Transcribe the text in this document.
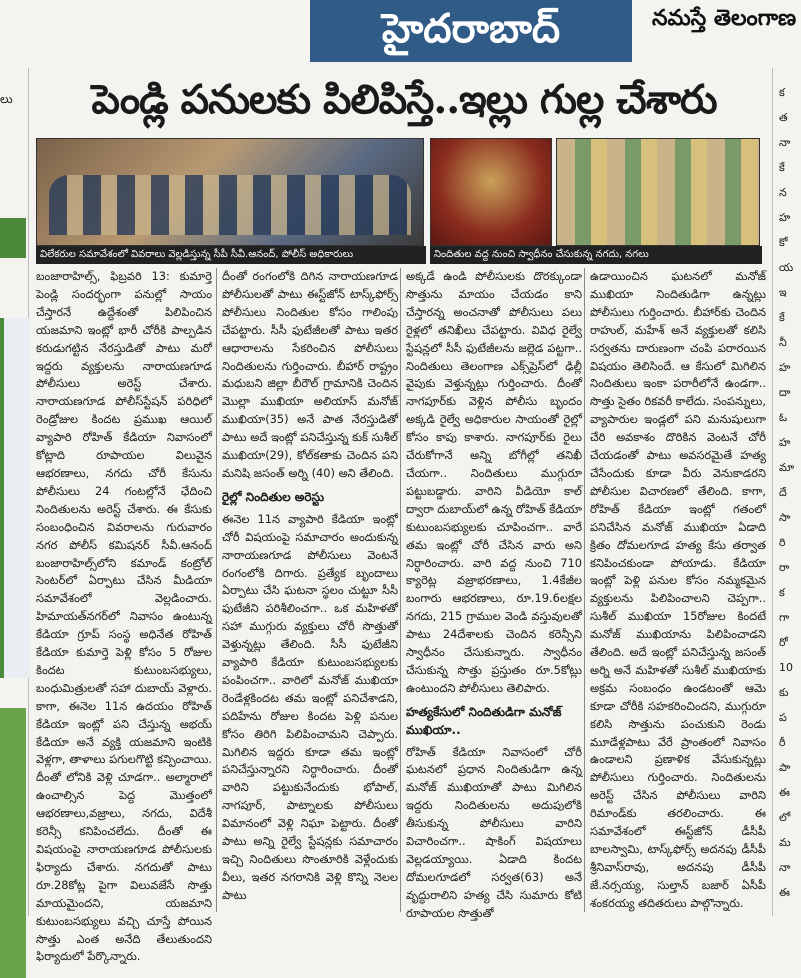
హైదరాబాద్	నమస్తే తెలంగాణ
లు	క
త
నా
కే
న
హ
కో
య
ఇ
కే
నీ
హ
దా
ఓ
హ
మా
దే
సా
రి
రా
క
గా
రో
10
కు
ప
రీ
పా
ఈ
లో
మ
నా
ఈ
పెండ్లి పనులకు పిలిపిస్తే..ఇల్లు గుల్ల చేశారు
విలేకరుల సమావేశంలో వివరాలు వెల్లడిస్తున్న సీపీ సీవీ.ఆనంద్‌, పోలీస్‌ అధికారులు	నిందితుల వద్ద నుంచి స్వాధీనం చేసుకున్న నగదు, నగలు

బంజారాహిల్స్‌, ఫిబ్రవరి 13: కుమార్తె పెండ్లి సందర్భంగా పనుల్లో సాయం చేస్తారనే ఉద్దేశంతో పిలిపించిన యజమాని ఇంట్లో భారీ చోరీకి పాల్పడిన కరుడుగట్టిన నేరస్తుడితో పాటు మరో ఇద్దరు వ్యక్తులను నారాయణగూడ పోలీసులు అరెస్ట్‌ చేశారు. నారాయణగూడ పోలీస్‌స్టేషన్‌ పరిధిలో రెండ్రోజుల కిందట ప్రముఖ ఆయిల్‌ వ్యాపారి రోహిత్‌ కేడియా నివాసంలో కోట్లాది రూపాయల విలువైన ఆభరణాలు, నగదు చోరీ కేసును పోలీసులు 24 గంటల్లోనే ఛేదించి నిందితులను అరెస్ట్‌ చేశారు. ఈ కేసుకు సంబంధించిన వివరాలను గురువారం నగర పోలీస్‌ కమిషనర్‌ సీవీ.ఆనంద్‌ బంజారాహిల్స్‌లోని కమాండ్‌ కంట్రోల్‌ సెంటర్‌లో ఏర్పాటు చేసిన మీడియా సమావేశంలో వెల్లడించారు. హిమాయత్‌నగర్‌లో నివాసం ఉంటున్న కేడియా గ్రూప్‌ సంస్థ అధినేత రోహిత్‌ కేడియా కుమార్తె పెళ్లి కోసం 5 రోజుల కిందట కుటుంబసభ్యులు, బంధుమిత్రులతో సహా దుబాయ్‌ వెళ్లారు. కాగా, ఈనెల 11న ఉదయం రోహిత్‌ కేడియా ఇంట్లో పని చేస్తున్న అభయ్‌ కేడియా అనే వ్యక్తి యజమాని ఇంటికి వెళ్లగా, తాళాలు పగులగొట్టి కన్పించాయి. దీంతో లోనికి వెళ్లి చూడగా.. అల్మారాలో ఉంచాల్సిన పెద్ద మొత్తంలో ఆభరణాలు,వజ్రాలు, నగదు, విదేశీ కరెన్సీ కనిపించలేదు. దీంతో ఈ విషయంపై నారాయణగూడ పోలీసులకు ఫిర్యాదు చేశారు. నగదుతో పాటు రూ.28కోట్ల పైగా విలువజేసే సొత్తు మాయమైందని, యజమాని కుటుంబసభ్యులు వచ్చి చూస్తే పోయిన సొత్తు ఎంత అనేది తేలుతుందని ఫిర్యాదులో పేర్కొన్నారు.

దీంతో రంగంలోకి దిగిన నారాయణగూడ పోలీసులతో పాటు ఈస్ట్‌జోన్‌ టాస్క్‌ఫోర్స్‌ పోలీసులు నిందితుల కోసం గాలింపు చేపట్టారు. సీసీ ఫుటేజీలతో పాటు ఇతర ఆధారాలను సేకరించిన పోలీసులు నిందితులను గుర్తించారు. బీహార్‌ రాష్ట్రం మధుబని జిల్లా బీరౌల్‌ గ్రామానికి చెందిన మొల్లా ముఖియా అలియాస్‌ మనోజ్‌ ముఖియా(35) అనే పాత నేరస్తుడితో పాటు అదే ఇంట్లో పనిచేస్తున్న కుక్‌ సుశీల్‌ ముఖియా(29), కోల్‌కతాకు చెందిన పని మనిషి జసంత్‌ అర్ని (40) అని తేలింది.

రైల్లో నిందితుల అరెస్టు

ఈనెల 11న వ్యాపారి కేడియా ఇంట్లో చోరీ విషయంపై సమాచారం అందుకున్న నారాయణగూడ పోలీసులు వెంటనే రంగంలోకి దిగారు. ప్రత్యేక బృందాలు ఏర్పాటు చేసి ఘటనా స్థలం చుట్టూ సీసీ ఫుటేజీని పరిశీలించగా.. ఒక మహిళతో సహా ముగ్గురు వ్యక్తులు చోరీ సొత్తుతో వెళ్తున్నట్లు తేలింది. సీసీ ఫుటేజీని వ్యాపారి కేడియా కుటుంబసభ్యులకు పంపించగా.. వారిలో మనోజ్‌ ముఖియా రెండేళ్లకిందట తమ ఇంట్లో పనిచేశాడని, పదిహేను రోజుల కిందట పెళ్లి పనుల కోసం తిరిగి పిలిపించామని చెప్పారు. మిగిలిన ఇద్దరు కూడా తమ ఇంట్లో పనిచేస్తున్నారని నిర్ధారించారు. దీంతో వారిని పట్టుకునేందుకు భోపాల్‌, నాగపూర్‌, పాట్నాలకు పోలీసులు విమానంలో వెళ్లి నిఘా పెట్టారు. దీంతో పాటు అన్ని రైల్వే స్టేషన్లకు సమాచారం ఇచ్చి నిందితులు సొంతూరికి వెళ్లేందుకు వీలు, ఇతర నగరానికి వెళ్లి కొన్ని నెలల పాటు

అక్కడే ఉండి పోలీసులకు దొరక్కుండా సొత్తును మాయం చేయడం కాని చేస్తారన్న అంచనాతో పోలీసులు పలు రైళ్లలో తనిఖీలు చేపట్టారు. వివిధ రైల్వే స్టేషన్లలో సీసీ ఫుటేజీలను జల్లెడ పట్టగా.. నిందితులు తెలంగాణ ఎక్స్‌ప్రెస్‌లో ఢిల్లీ వైపుకు వెళ్తున్నట్లు గుర్తించారు. దీంతో నాగపూర్‌కు వెళ్లిన పోలీసు బృందం అక్కడి రైల్వే అధికారుల సాయంతో రైల్లో కోసం కాపు కాశారు. నాగపూర్‌కు రైలు చేరుకోగానే అన్ని బోగీల్లో తనిఖీ చేయగా.. నిందితులు ముగ్గురూ పట్టుబడ్డారు. వారిని వీడియో కాల్‌ ద్వారా దుబాయ్‌లో ఉన్న రోహిత్‌ కేడియా కుటుంబసభ్యులకు చూపించగా.. వారే తమ ఇంట్లో చోరీ చేసిన వారు అని నిర్ధారించారు. వారి వద్ద నుంచి 710 క్యారెట్ల వజ్రాభరణాలు, 1.4కేజీల బంగారు ఆభరణాలు, రూ.19.6లక్షల నగదు, 215 గ్రాముల వెండి వస్తువులతో పాటు 24దేశాలకు చెందిన కరెన్సీని స్వాధీనం చేసుకున్నారు. స్వాధీనం చేసుకున్న సొత్తు ప్రస్తుతం రూ.5కోట్లు ఉంటుందని పోలీసులు తెలిపారు.

హత్యకేసులో నిందితుడిగా మనోజ్‌ ముఖియా..

రోహిత్‌ కేడియా నివాసంలో చోరీ ఘటనలో ప్రధాన నిందితుడిగా ఉన్న మనోజ్‌ ముఖియాతో పాటు మిగిలిన ఇద్దరు నిందితులను అదుపులోకి తీసుకున్న పోలీసులు వారిని విచారించగా.. షాకింగ్‌ విషయాలు వెల్లడయ్యాయి. ఏడాది కిందట దోమలగూడలో సర్వత(63) అనే వృద్ధురాలిని హత్య చేసి సుమారు కోటి రూపాయల సొత్తుతో

ఉడాయించిన ఘటనలో మనోజ్‌ ముఖియా నిందితుడిగా ఉన్నట్లు పోలీసులు గుర్తించారు. బీహార్‌కు చెందిన రాహుల్‌, మహేశ్‌ అనే వ్యక్తులతో కలిసి సర్వతను దారుణంగా చంపి పరారయిన విషయం తెలిసిందే. ఆ కేసులో మిగిలిన నిందితులు ఇంకా పరారీలోనే ఉండగా.. సొత్తు సైతం రికవరీ కాలేదు. సంపన్నులు, వ్యాపారుల ఇండ్లలో పని మనుషులుగా చేరి అవకాశం దొరికిన వెంటనే చోరీ చేయడంతో పాటు అవసరమైతే హత్య చేసేందుకు కూడా వీరు వెనుకాడరని పోలీసుల విచారణలో తేలింది. కాగా, రోహిత్‌ కేడియా ఇంట్లో గతంలో పనిచేసిన మనోజ్‌ ముఖియా ఏడాది క్రితం దోమలగూడ హత్య కేసు తర్వాత కనిపించకుండా పోయాడు. కేడియా ఇంట్లో పెళ్లి పనుల కోసం నమ్మకమైన వ్యక్తులను పిలిపించాలని చెప్పగా.. సుశీల్‌ ముఖియా 15రోజుల కిందటే మనోజ్‌ ముఖియాను పిలిపించాడని తేలింది. అదే ఇంట్లో పనిచేస్తున్న జసంత్‌ అర్ని అనే మహిళతో సుశీల్‌ ముఖియాకు అక్రమ సంబంధం ఉండటంతో ఆమె కూడా చోరీకి సహకరించిందని, ముగ్గురూ కలిసి సొత్తును పంచుకుని రెండు మూడేళ్లపాటు వేరే ప్రాంతంలో నివాసం ఉండాలని ప్రణాళిక వేసుకున్నట్లు పోలీసులు గుర్తించారు. నిందితులను అరెస్ట్‌ చేసిన పోలీసులు వారిని రిమాండ్‌కు తరలించారు. ఈ సమావేశంలో ఈస్ట్‌జోన్‌ డీసీపీ బాలస్వామి, టాస్క్‌ఫోర్స్‌ అదనపు డీసీపీ శ్రీనివాస్‌రావు, అదనపు డీసీపీ జే.నర్సయ్య, సుల్తాన్‌ బజార్‌ ఏసీపీ శంకరయ్య తదితరులు పాల్గొన్నారు.
